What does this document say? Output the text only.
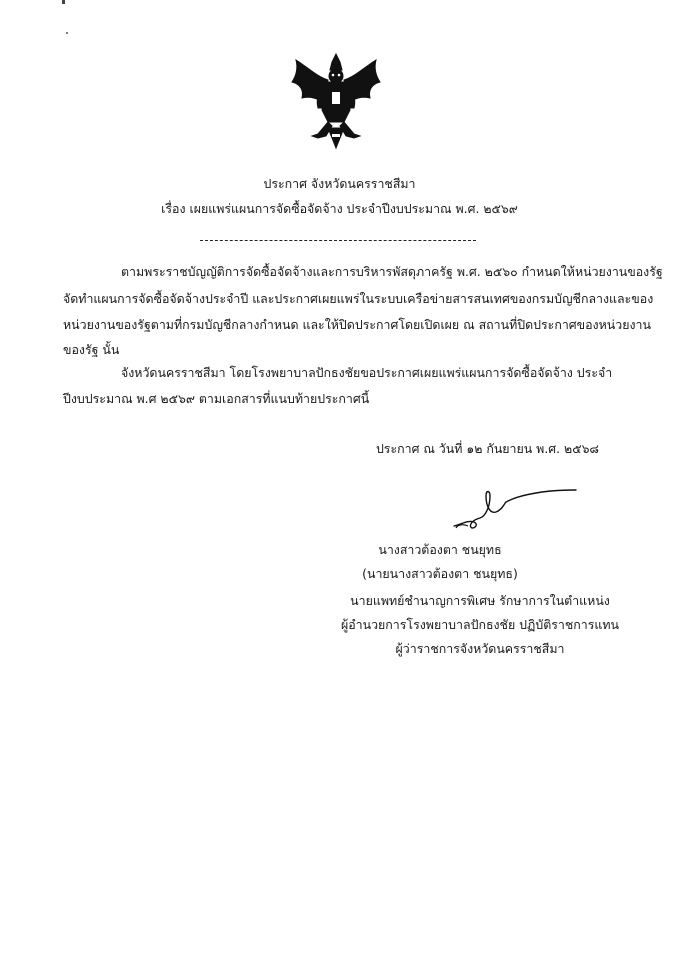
ประกาศ จังหวัดนครราชสีมา
เรื่อง เผยแพร่แผนการจัดซื้อจัดจ้าง ประจำปีงบประมาณ พ.ศ. ๒๕๖๙
ตามพระราชบัญญัติการจัดซื้อจัดจ้างและการบริหารพัสดุภาครัฐ พ.ศ. ๒๕๖๐ กำหนดให้หน่วยงานของรัฐ
จัดทำแผนการจัดซื้อจัดจ้างประจำปี และประกาศเผยแพร่ในระบบเครือข่ายสารสนเทศของกรมบัญชีกลางและของ
หน่วยงานของรัฐตามที่กรมบัญชีกลางกำหนด และให้ปิดประกาศโดยเปิดเผย ณ สถานที่ปิดประกาศของหน่วยงาน
ของรัฐ นั้น
จังหวัดนครราชสีมา โดยโรงพยาบาลปักธงชัยขอประกาศเผยแพร่แผนการจัดซื้อจัดจ้าง ประจำ
ปีงบประมาณ พ.ศ ๒๕๖๙ ตามเอกสารที่แนบท้ายประกาศนี้
ประกาศ ณ วันที่ ๑๒ กันยายน พ.ศ. ๒๕๖๘
นางสาวต้องตา ชนยุทธ
(นายนางสาวต้องตา ชนยุทธ)
นายแพทย์ชำนาญการพิเศษ รักษาการในตำแหน่ง
ผู้อำนวยการโรงพยาบาลปักธงชัย ปฏิบัติราชการแทน
ผู้ว่าราชการจังหวัดนครราชสีมา
